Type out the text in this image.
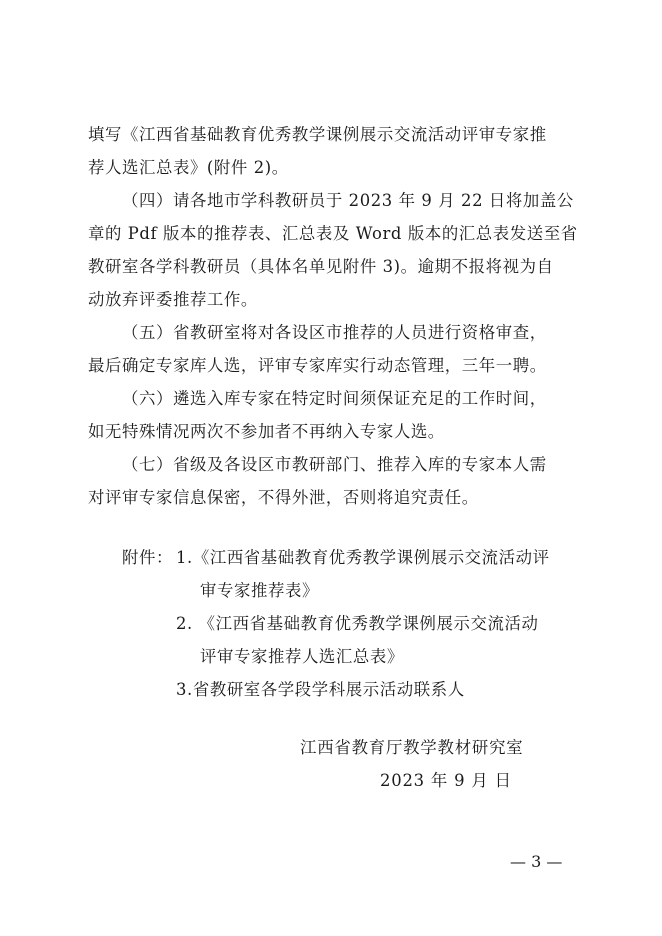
填写《江西省基础教育优秀教学课例展示交流活动评审专家推
荐人选汇总表》(附件 2)。

（四）请各地市学科教研员于 2023 年 9 月 22 日将加盖公
章的 Pdf 版本的推荐表、汇总表及 Word 版本的汇总表发送至省
教研室各学科教研员（具体名单见附件 3)。逾期不报将视为自
动放弃评委推荐工作。

（五）省教研室将对各设区市推荐的人员进行资格审查，
最后确定专家库人选，评审专家库实行动态管理，三年一聘。

（六）遴选入库专家在特定时间须保证充足的工作时间，
如无特殊情况两次不参加者不再纳入专家人选。

（七）省级及各设区市教研部门、推荐入库的专家本人需
对评审专家信息保密，不得外泄，否则将追究责任。

附件： 1.《江西省基础教育优秀教学课例展示交流活动评
审专家推荐表》
2. 《江西省基础教育优秀教学课例展示交流活动
评审专家推荐人选汇总表》
3.省教研室各学段学科展示活动联系人
江西省教育厅教学教材研究室
2023 年 9 月 日
— 3 —
